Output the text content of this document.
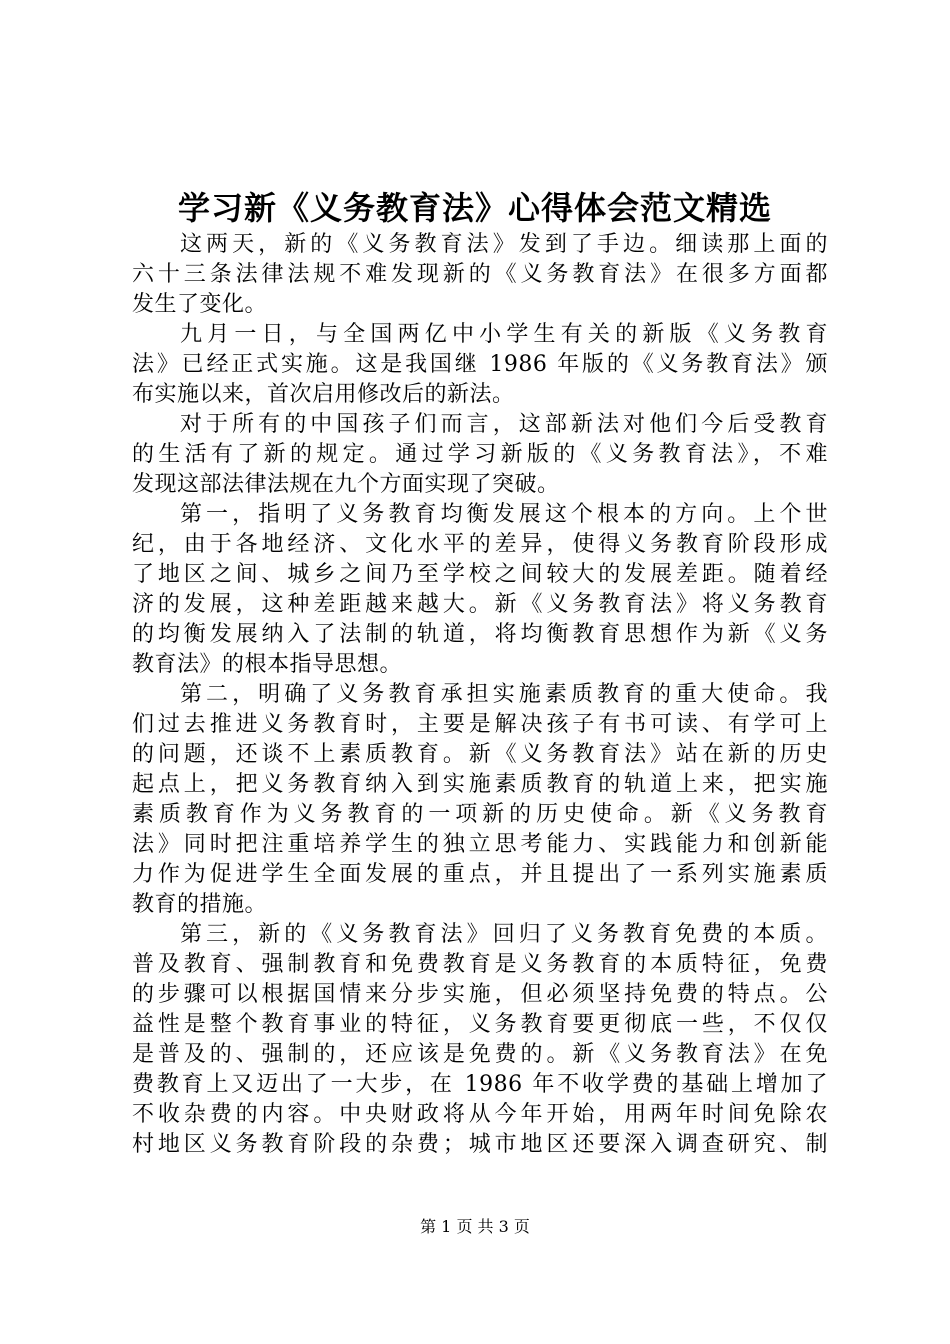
学习新《义务教育法》心得体会范文精选
这两天，新的《义务教育法》发到了手边。细读那上面的
六十三条法律法规不难发现新的《义务教育法》在很多方面都
发生了变化。
九月一日，与全国两亿中小学生有关的新版《义务教育
法》已经正式实施。这是我国继 1986 年版的《义务教育法》颁
布实施以来，首次启用修改后的新法。
对于所有的中国孩子们而言，这部新法对他们今后受教育
的生活有了新的规定。通过学习新版的《义务教育法》，不难
发现这部法律法规在九个方面实现了突破。
第一，指明了义务教育均衡发展这个根本的方向。上个世
纪，由于各地经济、文化水平的差异，使得义务教育阶段形成
了地区之间、城乡之间乃至学校之间较大的发展差距。随着经
济的发展，这种差距越来越大。新《义务教育法》将义务教育
的均衡发展纳入了法制的轨道，将均衡教育思想作为新《义务
教育法》的根本指导思想。
第二，明确了义务教育承担实施素质教育的重大使命。我
们过去推进义务教育时，主要是解决孩子有书可读、有学可上
的问题，还谈不上素质教育。新《义务教育法》站在新的历史
起点上，把义务教育纳入到实施素质教育的轨道上来，把实施
素质教育作为义务教育的一项新的历史使命。新《义务教育
法》同时把注重培养学生的独立思考能力、实践能力和创新能
力作为促进学生全面发展的重点，并且提出了一系列实施素质
教育的措施。
第三，新的《义务教育法》回归了义务教育免费的本质。
普及教育、强制教育和免费教育是义务教育的本质特征，免费
的步骤可以根据国情来分步实施，但必须坚持免费的特点。公
益性是整个教育事业的特征，义务教育要更彻底一些，不仅仅
是普及的、强制的，还应该是免费的。新《义务教育法》在免
费教育上又迈出了一大步，在 1986 年不收学费的基础上增加了
不收杂费的内容。中央财政将从今年开始，用两年时间免除农
村地区义务教育阶段的杂费；城市地区还要深入调查研究、制
第 1 页 共 3 页
